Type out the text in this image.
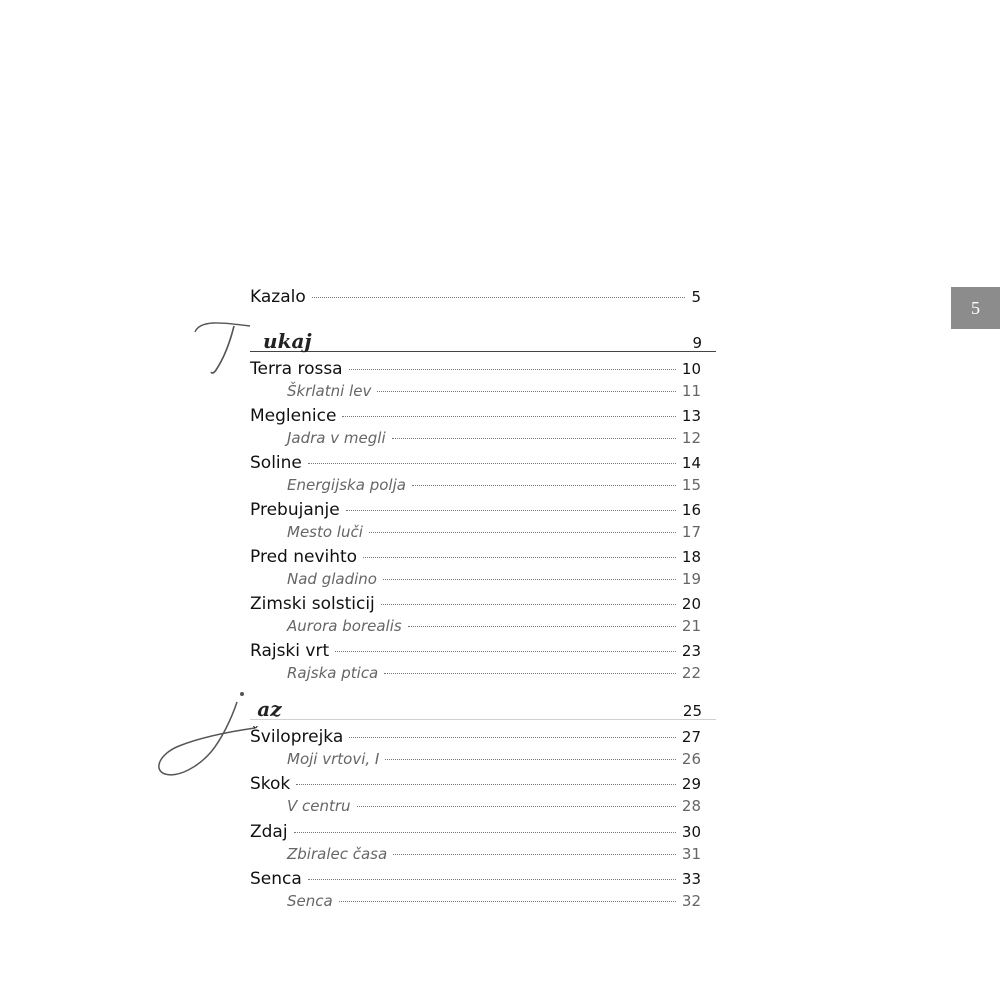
5
Kazalo	5
ukaj	9
Terra rossa	10
Škrlatni lev	11
Meglenice	13
Jadra v megli	12
Soline	14
Energijska polja	15
Prebujanje	16
Mesto luči	17
Pred nevihto	18
Nad gladino	19
Zimski solsticij	20
Aurora borealis	21
Rajski vrt	23
Rajska ptica	22
az	25
Šviloprejka	27
Moji vrtovi, I	26
Skok	29
V centru	28
Zdaj	30
Zbiralec časa	31
Senca	33
Senca	32
